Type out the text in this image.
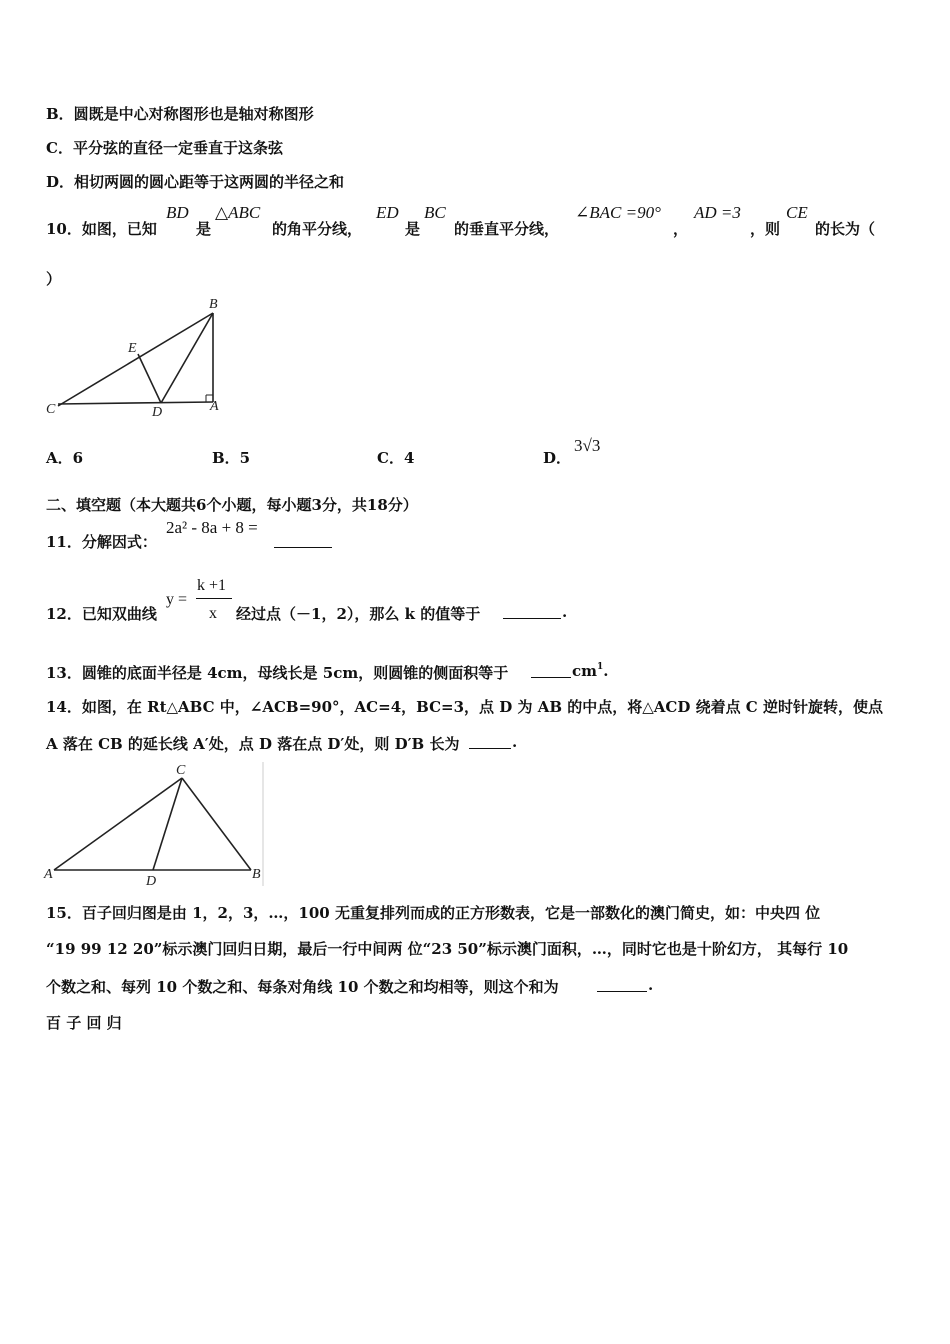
B．圆既是中心对称图形也是轴对称图形
C．平分弦的直径一定垂直于这条弦
D．相切两圆的圆心距等于这两圆的半径之和
10．如图，已知
BD
是
△ABC
的角平分线，
ED
是
BC
的垂直平分线，
∠BAC =90°
，
AD =3
，则
CE
的长为（
）
B
E
C	D	A
A．6	B．5	C．4	D．
3√3
二、填空题（本大题共6个小题，每小题3分，共18分）
11．分解因式：
2a² - 8a + 8 =
12．已知双曲线
y =
k +1
x 经过点（－1，2），那么 k 的值等于	.
13．圆锥的底面半径是 4cm，母线长是 5cm，则圆锥的侧面积等于	$cm^1$.
14．如图，在 Rt△ABC 中，∠ACB=90°，AC=4，BC=3，点 D 为 AB 的中点，将△ACD 绕着点 C 逆时针旋转，使点
A 落在 CB 的延长线 A′处，点 D 落在点 D′处，则 D′B 长为	.
C
A	D	B
15．百子回归图是由 1，2，3，…，100 无重复排列而成的正方形数表，它是一部数化的澳门简史，如：中央四 位
“19 99 12 20”标示澳门回归日期，最后一行中间两 位“23 50”标示澳门面积，…，同时它也是十阶幻方， 其每行 10
个数之和、每列 10 个数之和、每条对角线 10 个数之和均相等，则这个和为	.
百 子 回 归
